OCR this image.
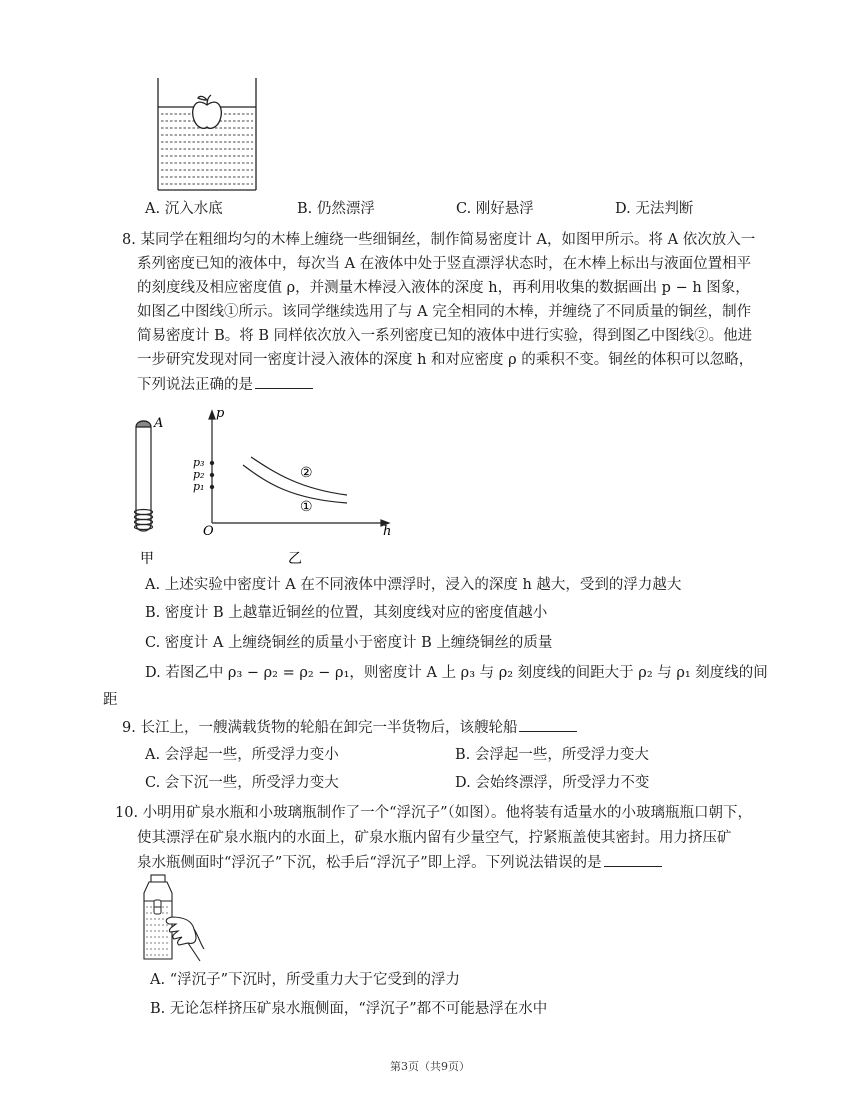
A. 沉入水底	B. 仍然漂浮	C. 刚好悬浮	D. 无法判断
8. 某同学在粗细均匀的木棒上缠绕一些细铜丝，制作简易密度计 A，如图甲所示。将 A 依次放入一
系列密度已知的液体中，每次当 A 在液体中处于竖直漂浮状态时，在木棒上标出与液面位置相平
的刻度线及相应密度值 ρ，并测量木棒浸入液体的深度 h，再利用收集的数据画出 p − h 图象，
如图乙中图线①所示。该同学继续选用了与 A 完全相同的木棒，并缠绕了不同质量的铜丝，制作
简易密度计 B。将 B 同样依次放入一系列密度已知的液体中进行实验，得到图乙中图线②。他进
一步研究发现对同一密度计浸入液体的深度 h 和对应密度 ρ 的乘积不变。铜丝的体积可以忽略，
下列说法正确的是
A
p
h
O
p₃
p₂
p₁
②
①
甲	乙
A. 上述实验中密度计 A 在不同液体中漂浮时，浸入的深度 h 越大，受到的浮力越大
B. 密度计 B 上越靠近铜丝的位置，其刻度线对应的密度值越小
C. 密度计 A 上缠绕铜丝的质量小于密度计 B 上缠绕铜丝的质量
D. 若图乙中 ρ₃ − ρ₂ = ρ₂ − ρ₁，则密度计 A 上 ρ₃ 与 ρ₂ 刻度线的间距大于 ρ₂ 与 ρ₁ 刻度线的间
距
9. 长江上，一艘满载货物的轮船在卸完一半货物后，该艘轮船
A. 会浮起一些，所受浮力变小	B. 会浮起一些，所受浮力变大
C. 会下沉一些，所受浮力变大	D. 会始终漂浮，所受浮力不变
10. 小明用矿泉水瓶和小玻璃瓶制作了一个“浮沉子”（如图）。他将装有适量水的小玻璃瓶瓶口朝下，
使其漂浮在矿泉水瓶内的水面上，矿泉水瓶内留有少量空气，拧紧瓶盖使其密封。用力挤压矿
泉水瓶侧面时“浮沉子”下沉，松手后“浮沉子”即上浮。下列说法错误的是
A. “浮沉子”下沉时，所受重力大于它受到的浮力
B. 无论怎样挤压矿泉水瓶侧面，“浮沉子”都不可能悬浮在水中
第3页（共9页）
